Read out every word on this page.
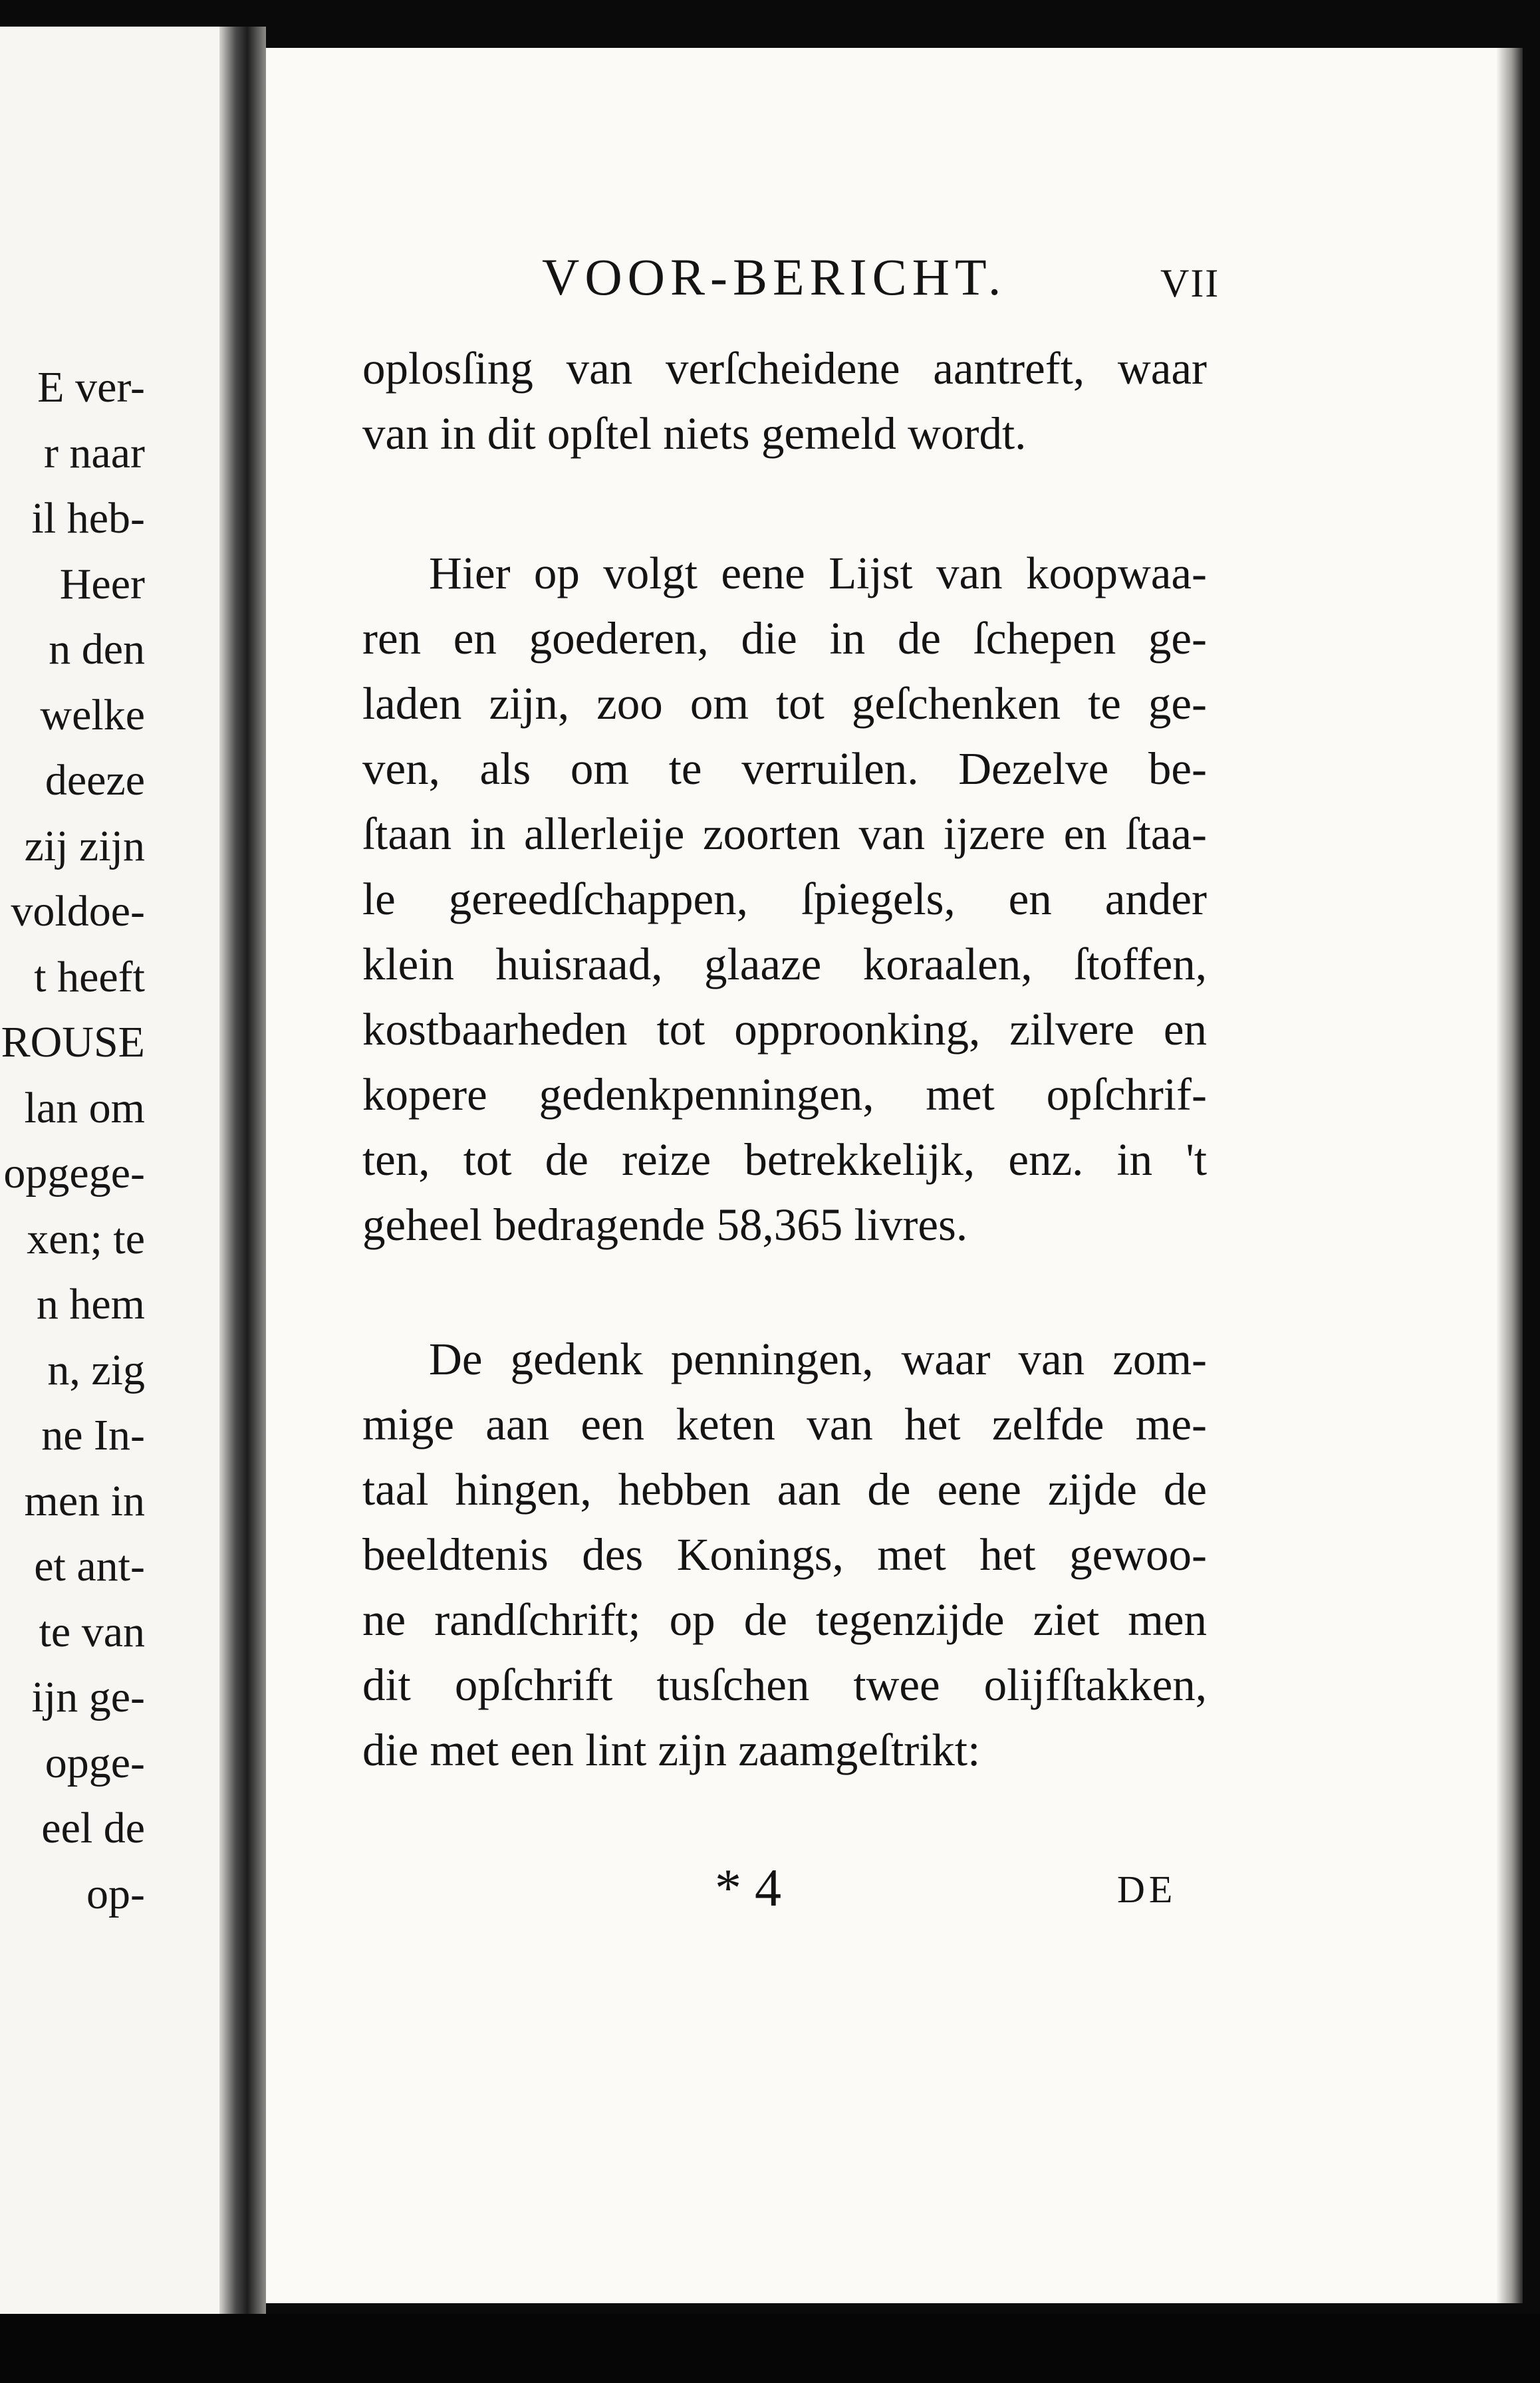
E ver-
r naar
il heb-
Heer
n den
welke
deeze
zij zijn
voldoe-
t heeft
ROUSE
lan om
opgege-
xen; te
n hem
n, zig
ne In-
men in
et ant-
te van
ijn ge-
opge-
eel de
op-
VOOR-BERICHT.	VII

oplosſing van verſcheidene aantreft, waar
van in dit opſtel niets gemeld wordt.

Hier op volgt eene Lijst van koopwaa-
ren en goederen, die in de ſchepen ge-
laden zijn, zoo om tot geſchenken te ge-
ven, als om te verruilen. Dezelve be-
ſtaan in allerleije zoorten van ijzere en ſtaa-
le gereedſchappen, ſpiegels, en ander
klein huisraad, glaaze koraalen, ſtoffen,
kostbaarheden tot opproonking, zilvere en
kopere gedenkpenningen, met opſchrif-
ten, tot de reize betrekkelijk, enz. in 't
geheel bedragende 58,365 livres.

De gedenk penningen, waar van zom-
mige aan een keten van het zelfde me-
taal hingen, hebben aan de eene zijde de
beeldtenis des Konings, met het gewoo-
ne randſchrift; op de tegenzijde ziet men
dit opſchrift tusſchen twee olijfſtakken,
die met een lint zijn zaamgeſtrikt:

* 4	DE
